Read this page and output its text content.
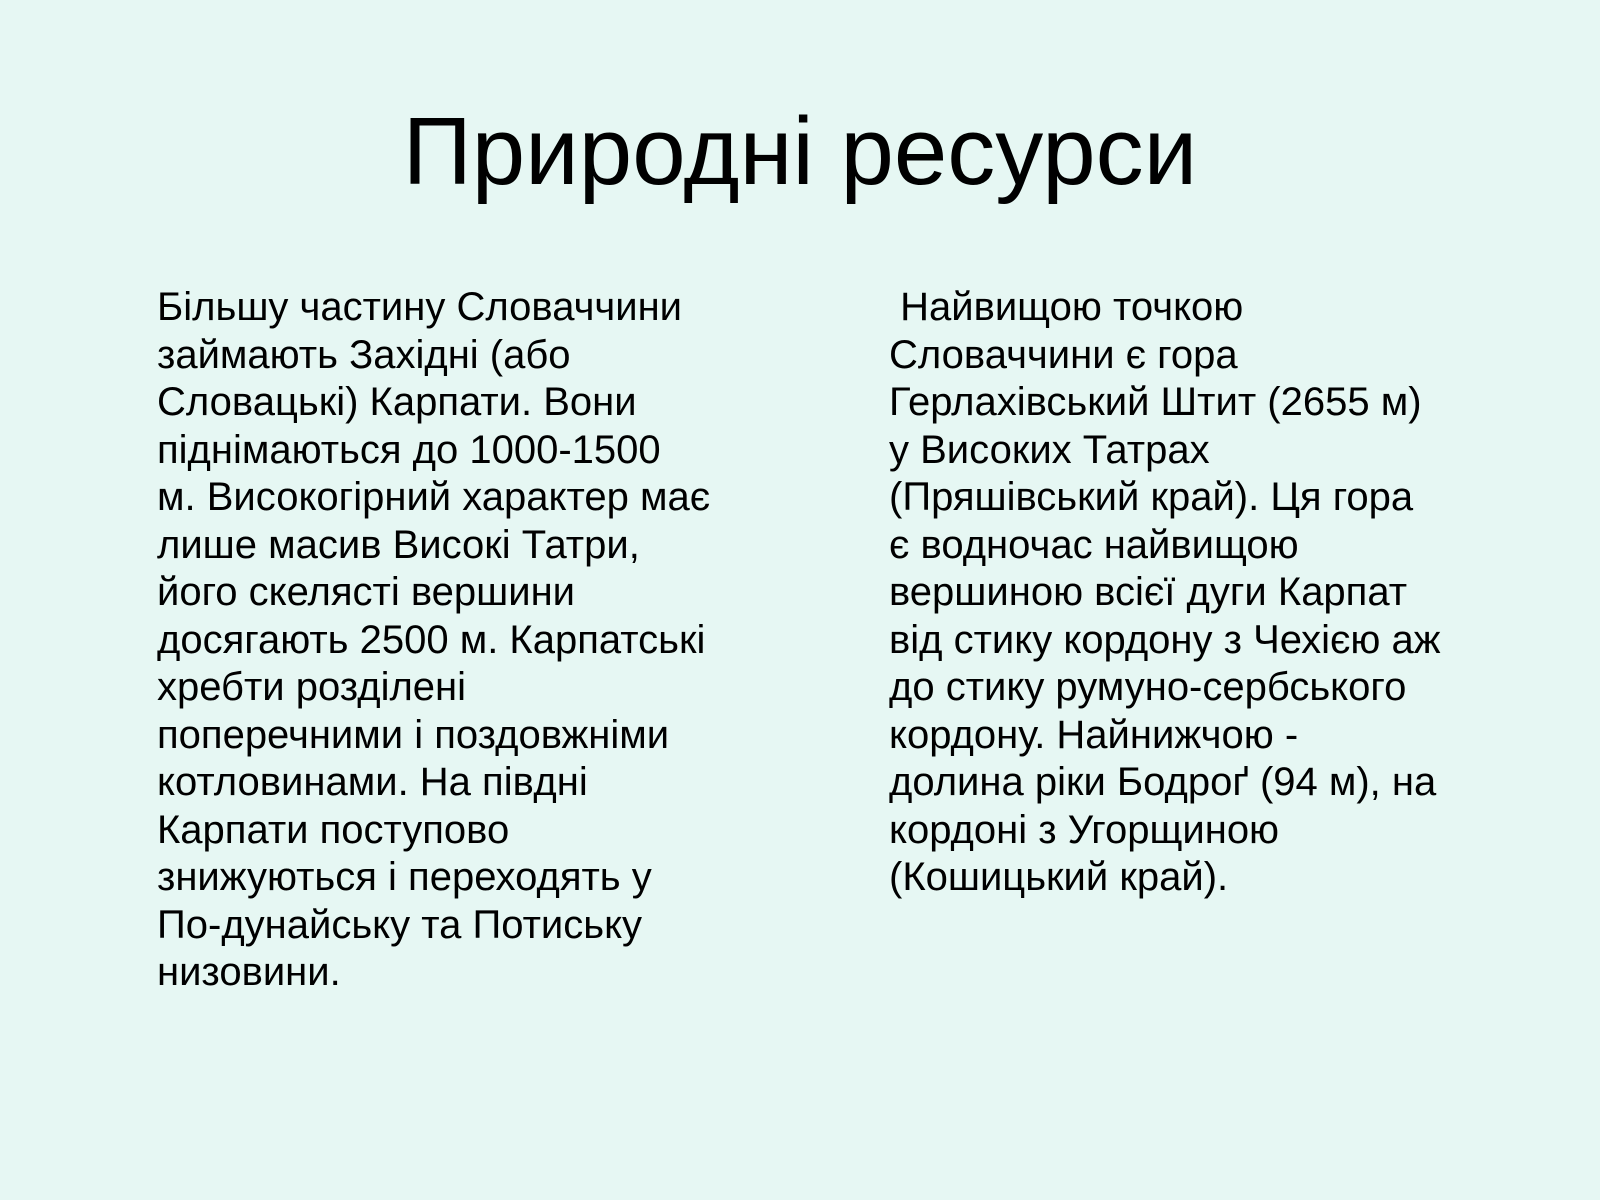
Природні ресурси
Більшу частину Словаччини
займають Західні (або
Словацькі) Карпати. Вони
піднімаються до 1000-1500
м. Високогірний характер має
лише масив Високі Татри,
його скелясті вершини
досягають 2500 м. Карпатські
хребти розділені
поперечними і поздовжніми
котловинами. На півдні
Карпати поступово
знижуються і переходять у
По-дунайську та Потиську
низовини.
Найвищою точкою
Словаччини є гора
Герлахівський Штит (2655 м)
у Високих Татрах
(Пряшівський край). Ця гора
є водночас найвищою
вершиною всієї дуги Карпат
від стику кордону з Чехією аж
до стику румуно-сербського
кордону. Найнижчою -
долина ріки Бодроґ (94 м), на
кордоні з Угорщиною
(Кошицький край).
